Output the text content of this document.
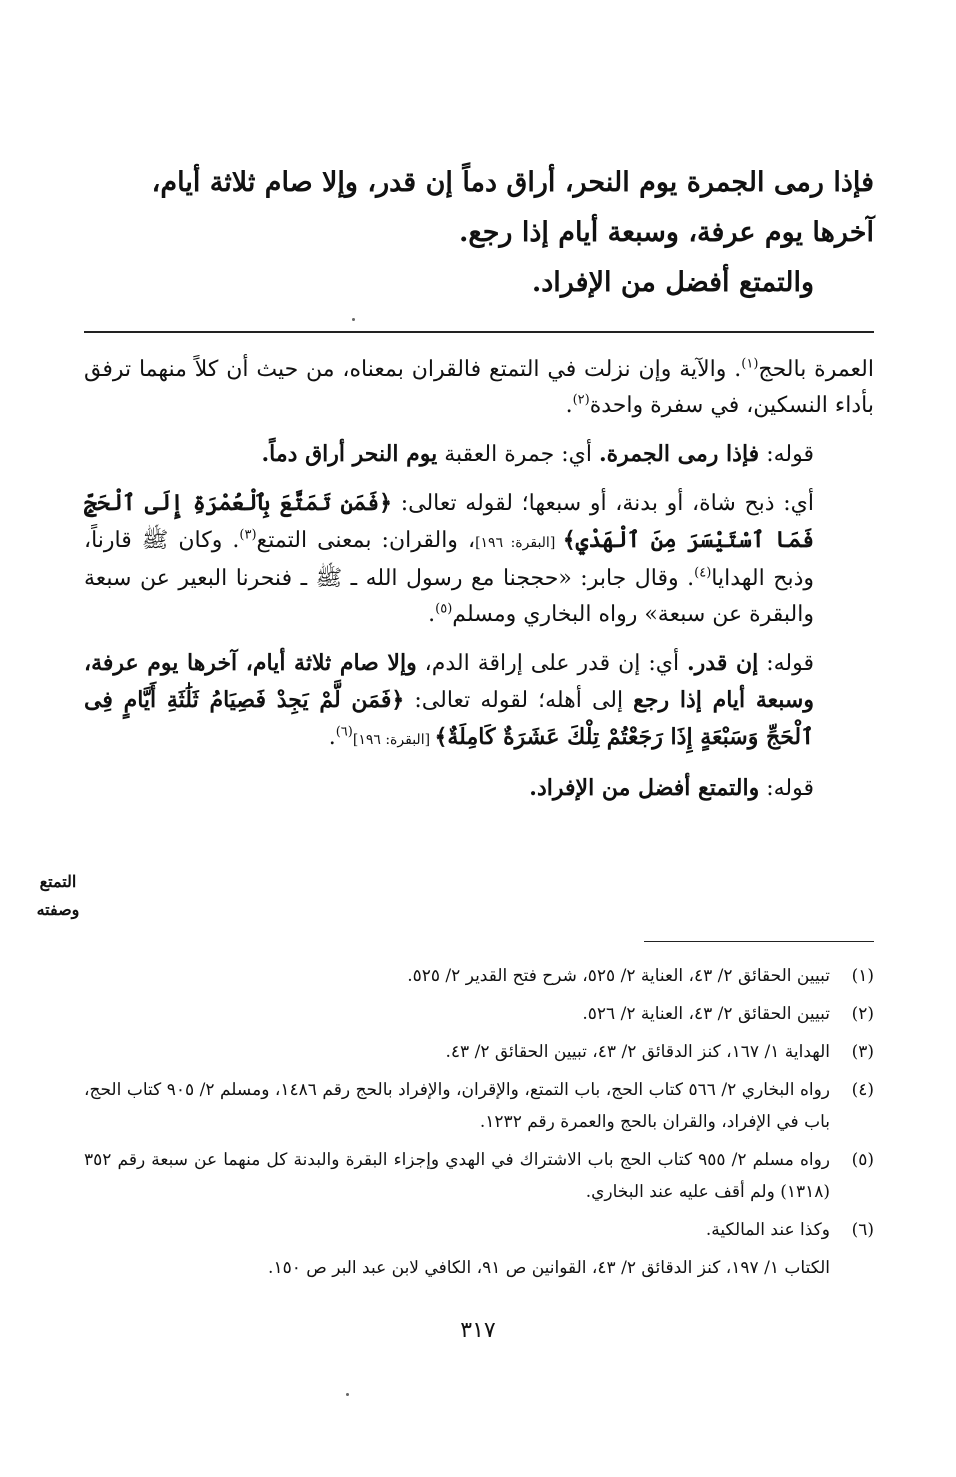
فإذا رمى الجمرة يوم النحر، أراق دماً إن قدر، وإلا صام ثلاثة أيام،

آخرها يوم عرفة، وسبعة أيام إذا رجع.

والتمتع أفضل من الإفراد.

العمرة بالحج$^{(١)}$. والآية وإن نزلت في التمتع فالقران بمعناه، من حيث أن كلاً منهما ترفق بأداء النسكين، في سفرة واحدة$^{(٢)}$.

قوله: فإذا رمى الجمرة. أي: جمرة العقبة يوم النحر أراق دماً.

أي: ذبح شاة، أو بدنة، أو سبعها؛ لقوله تعالى: ﴿فَمَن تَمَتَّعَ بِٱلْعُمْرَةِ إِلَى ٱلْحَجِّ فَمَا ٱسْتَيْسَرَ مِنَ ٱلْهَدْيِ﴾ [البقرة: ١٩٦]، والقران: بمعنى التمتع$^{(٣)}$. وكان ﷺ قارناً، وذبح الهدايا$^{(٤)}$. وقال جابر: «حججنا مع رسول الله ـ ﷺ ـ فنحرنا البعير عن سبعة والبقرة عن سبعة» رواه البخاري ومسلم$^{(٥)}$.

قوله: إن قدر. أي: إن قدر على إراقة الدم، وإلا صام ثلاثة أيام، آخرها يوم عرفة، وسبعة أيام إذا رجع إلى أهله؛ لقوله تعالى: ﴿فَمَن لَّمْ يَجِدْ فَصِيَامُ ثَلَٰثَةِ أَيَّامٍ فِى ٱلْحَجِّ وَسَبْعَةٍ إِذَا رَجَعْتُمْ تِلْكَ عَشَرَةٌ كَامِلَةٌ﴾ [البقرة: ١٩٦]$^{(٦)}$.

قوله: والتمتع أفضل من الإفراد.

التمتع
وصفته
(١)
تبيين الحقائق ٢/ ٤٣، العناية ٢/ ٥٢٥، شرح فتح القدير ٢/ ٥٢٥.
(٢)
تبيين الحقائق ٢/ ٤٣، العناية ٢/ ٥٢٦.
(٣)
الهداية ١/ ١٦٧، كنز الدقائق ٢/ ٤٣، تبيين الحقائق ٢/ ٤٣.
(٤)
رواه البخاري ٢/ ٥٦٦ كتاب الحج، باب التمتع، والإقران، والإفراد بالحج رقم ١٤٨٦، ومسلم ٢/ ٩٠٥ كتاب الحج، باب في الإفراد، والقران بالحج والعمرة رقم ١٢٣٢.
(٥)
رواه مسلم ٢/ ٩٥٥ كتاب الحج باب الاشتراك في الهدي وإجزاء البقرة والبدنة كل منهما عن سبعة رقم ٣٥٢ (١٣١٨) ولم أقف عليه عند البخاري.
(٦)
وكذا عند المالكية.
الكتاب ١/ ١٩٧، كنز الدقائق ٢/ ٤٣، القوانين ص ٩١، الكافي لابن عبد البر ص ١٥٠.
٣١٧
